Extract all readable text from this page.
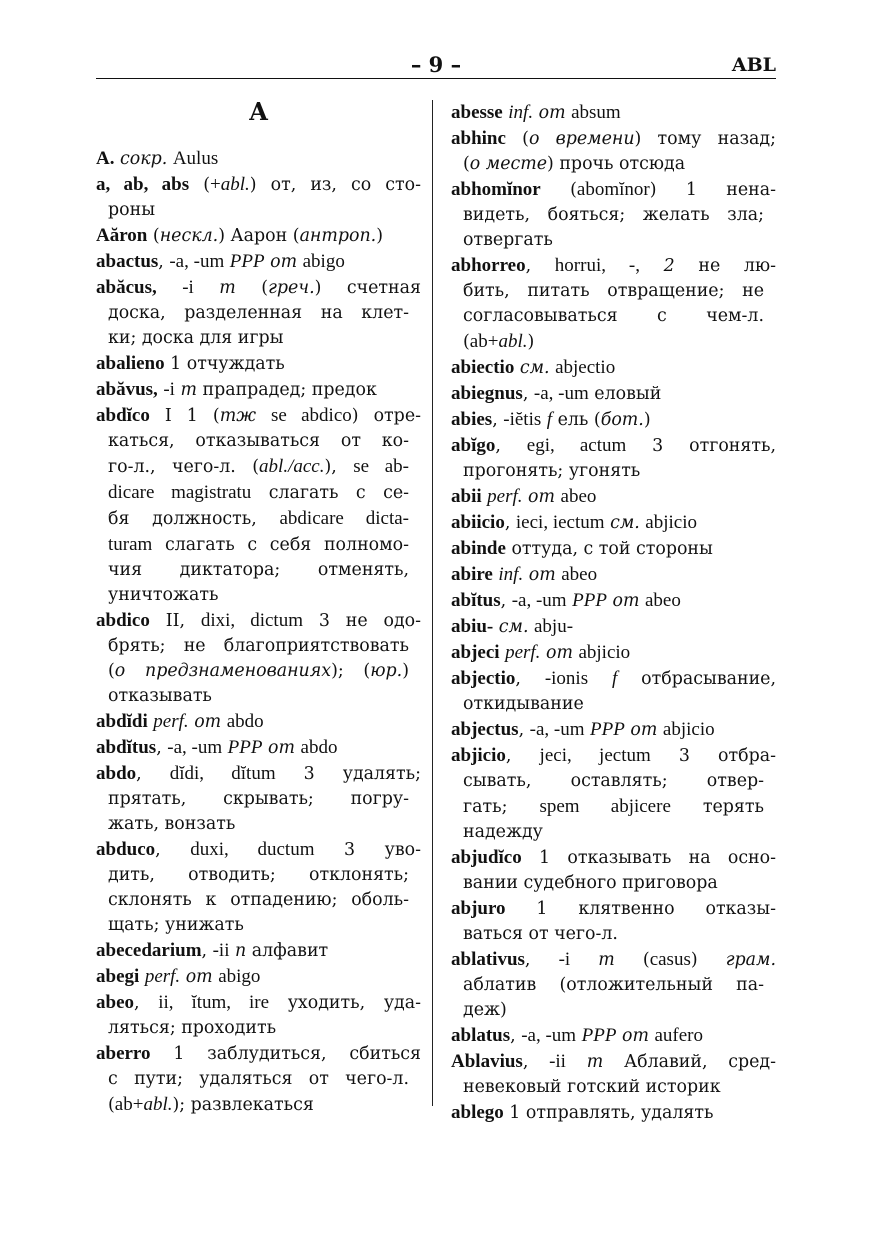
– 9 –	ABL
A
A. сокр. Aulus
a, ab, abs (+abl.) от, из, со сто-
роны
Aăron (нескл.) Аарон (антроп.)
abactus, -a, -um PPP от abigo
abăcus, -i m (греч.) счетная
доска, разделенная на клет-
ки; доска для игры
abalieno 1 отчуждать
abăvus, -i m прапрадед; предок
abdĭco I 1 (тж se abdico) отре-
каться, отказываться от ко-
го-л., чего-л. (abl./acc.), se ab-
dicare magistratu слагать с се-
бя должность, abdicare dicta-
turam слагать с себя полномо-
чия диктатора; отменять,
уничтожать
abdico II, dixi, dictum 3 не одо-
брять; не благоприятствовать
(о предзнаменованиях); (юр.)
отказывать
abdĭdi perf. от abdo
abdĭtus, -a, -um PPP от abdo
abdo, dĭdi, dĭtum 3 удалять;
прятать, скрывать; погру-
жать, вонзать
abduco, duxi, ductum 3 уво-
дить, отводить; отклонять;
склонять к отпадению; оболь-
щать; унижать
abecedarium, -ii n алфавит
abegi perf. от abigo
abeo, ii, ĭtum, ire уходить, уда-
ляться; проходить
aberro 1 заблудиться, сбиться
с пути; удаляться от чего-л.
(ab+abl.); развлекаться
abesse inf. от absum
abhinc (о времени) тому назад;
(о месте) прочь отсюда
abhomĭnor (abomĭnor) 1 нена-
видеть, бояться; желать зла;
отвергать
abhorreo, horrui, -, 2 не лю-
бить, питать отвращение; не
согласовываться с чем-л.
(ab+abl.)
abiectio см. abjectio
abiegnus, -a, -um еловый
abies, -iĕtis f ель (бот.)
abĭgo, egi, actum 3 отгонять,
прогонять; угонять
abii perf. от abeo
abiicio, ieci, iectum см. abjicio
abinde оттуда, с той стороны
abire inf. от abeo
abĭtus, -a, -um PPP от abeo
abiu- см. abju-
abjeci perf. от abjicio
abjectio, -ionis f отбрасывание,
откидывание
abjectus, -a, -um PPP от abjicio
abjicio, jeci, jectum 3 отбра-
сывать, оставлять; отвер-
гать; spem abjicere терять
надежду
abjudĭco 1 отказывать на осно-
вании судебного приговора
abjuro 1 клятвенно отказы-
ваться от чего-л.
ablativus, -i m (casus) грам.
аблатив (отложительный па-
деж)
ablatus, -a, -um PPP от aufero
Ablavius, -ii m Аблавий, сред-
невековый готский историк
ablego 1 отправлять, удалять
